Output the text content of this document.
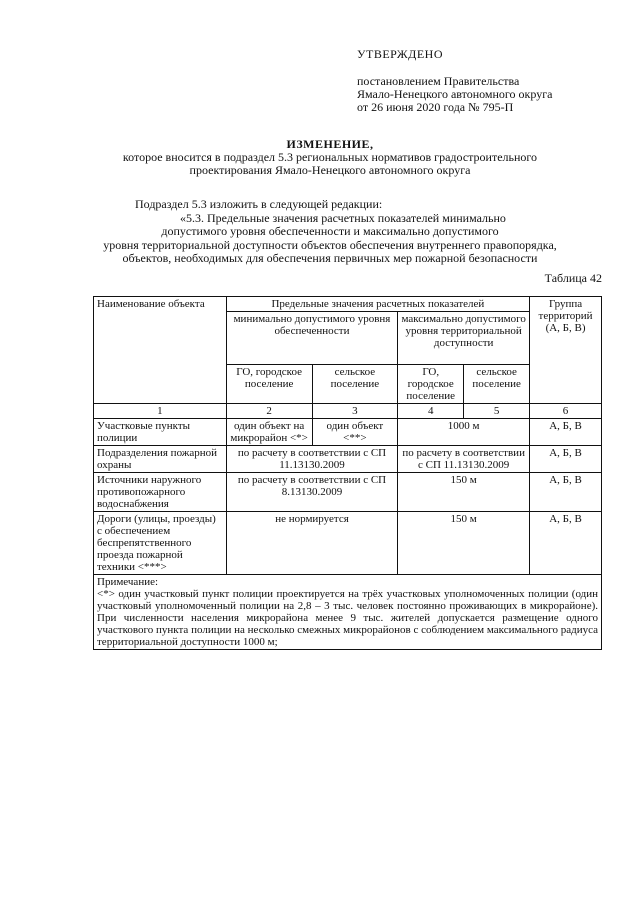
УТВЕРЖДЕНО
постановлением Правительства
Ямало-Ненецкого автономного округа
от 26 июня 2020 года № 795-П
ИЗМЕНЕНИЕ,
которое вносится в подраздел 5.3 региональных нормативов градостроительного
проектирования Ямало-Ненецкого автономного округа
Подраздел 5.3 изложить в следующей редакции:
«5.3. Предельные значения расчетных показателей минимально
допустимого уровня обеспеченности и максимально допустимого
уровня территориальной доступности объектов обеспечения внутреннего правопорядка,
объектов, необходимых для обеспечения первичных мер пожарной безопасности
Таблица 42
Наименование объекта	Предельные значения расчетных показателей				Группа территорий (А, Б, В)
	минимально допустимого уровня обеспеченности		максимально допустимого уровня территориальной доступности		
	ГО, городское поселение	сельское поселение	ГО, городское поселение	сельское поселение	
1	2	3	4	5	6
Участковые пункты полиции	один объект на микрорайон <*>	один объект <**>	1000 м		А, Б, В
Подразделения пожарной охраны	по расчету в соответствии с СП 11.13130.2009		по расчету в соответствии с СП 11.13130.2009		А, Б, В
Источники наружного противопожарного водоснабжения	по расчету в соответствии с СП 8.13130.2009		150 м		А, Б, В
Дороги (улицы, проезды) с обеспечением беспрепятственного проезда пожарной техники <***>	не нормируется		150 м		А, Б, В

Примечание:
<*> один участковый пункт полиции проектируется на трёх участковых уполномоченных полиции (один участковый уполномоченный полиции на 2,8 – 3 тыс. человек постоянно проживающих в микрорайоне). При численности населения микрорайона менее 9 тыс. жителей допускается размещение одного участкового пункта полиции на несколько смежных микрорайонов с соблюдением максимального радиуса территориальной доступности 1000 м;					
